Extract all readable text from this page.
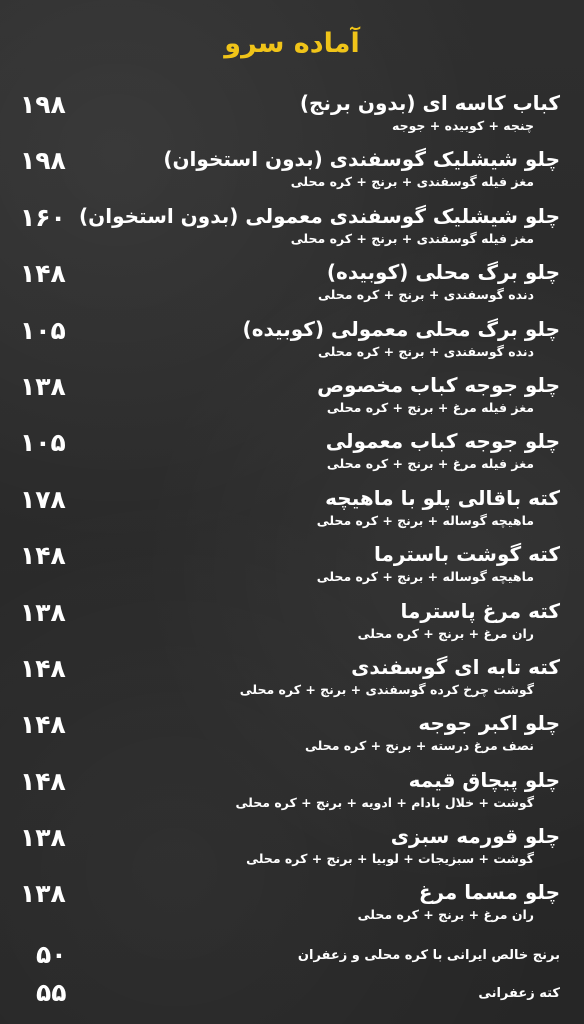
آماده سرو
کباب کاسه ای (بدون برنج)
چنجه + کوبیده + جوجه
۱۹۸
چلو شیشلیک گوسفندی (بدون استخوان)
مغز فیله گوسفندی + برنج + کره محلی
۱۹۸
چلو شیشلیک گوسفندی معمولی (بدون استخوان)
مغز فیله گوسفندی + برنج + کره محلی
۱۶۰
چلو برگ محلی (کوبیده)
دنده گوسفندی + برنج + کره محلی
۱۴۸
چلو برگ محلی معمولی (کوبیده)
دنده گوسفندی + برنج + کره محلی
۱۰۵
چلو جوجه کباب مخصوص
مغز فیله مرغ + برنج + کره محلی
۱۳۸
چلو جوجه کباب معمولی
مغز فیله مرغ + برنج + کره محلی
۱۰۵
کته باقالی پلو با ماهیچه
ماهیچه گوساله + برنج + کره محلی
۱۷۸
کته گوشت باسترما
ماهیچه گوساله + برنج + کره محلی
۱۴۸
کته مرغ پاسترما
ران مرغ + برنج + کره محلی
۱۳۸
کته تابه ای گوسفندی
گوشت چرخ کرده گوسفندی + برنج + کره محلی
۱۴۸
چلو اکبر جوجه
نصف مرغ درسته + برنج + کره محلی
۱۴۸
چلو پیچاق قیمه
گوشت + خلال بادام + ادویه + برنج + کره محلی
۱۴۸
چلو قورمه سبزی
گوشت + سبزیجات + لوبیا + برنج + کره محلی
۱۳۸
چلو مسما مرغ
ران مرغ + برنج + کره محلی
۱۳۸
برنج خالص ایرانی با کره محلی و زعفران
۵۰
کته زعفرانی
۵۵
